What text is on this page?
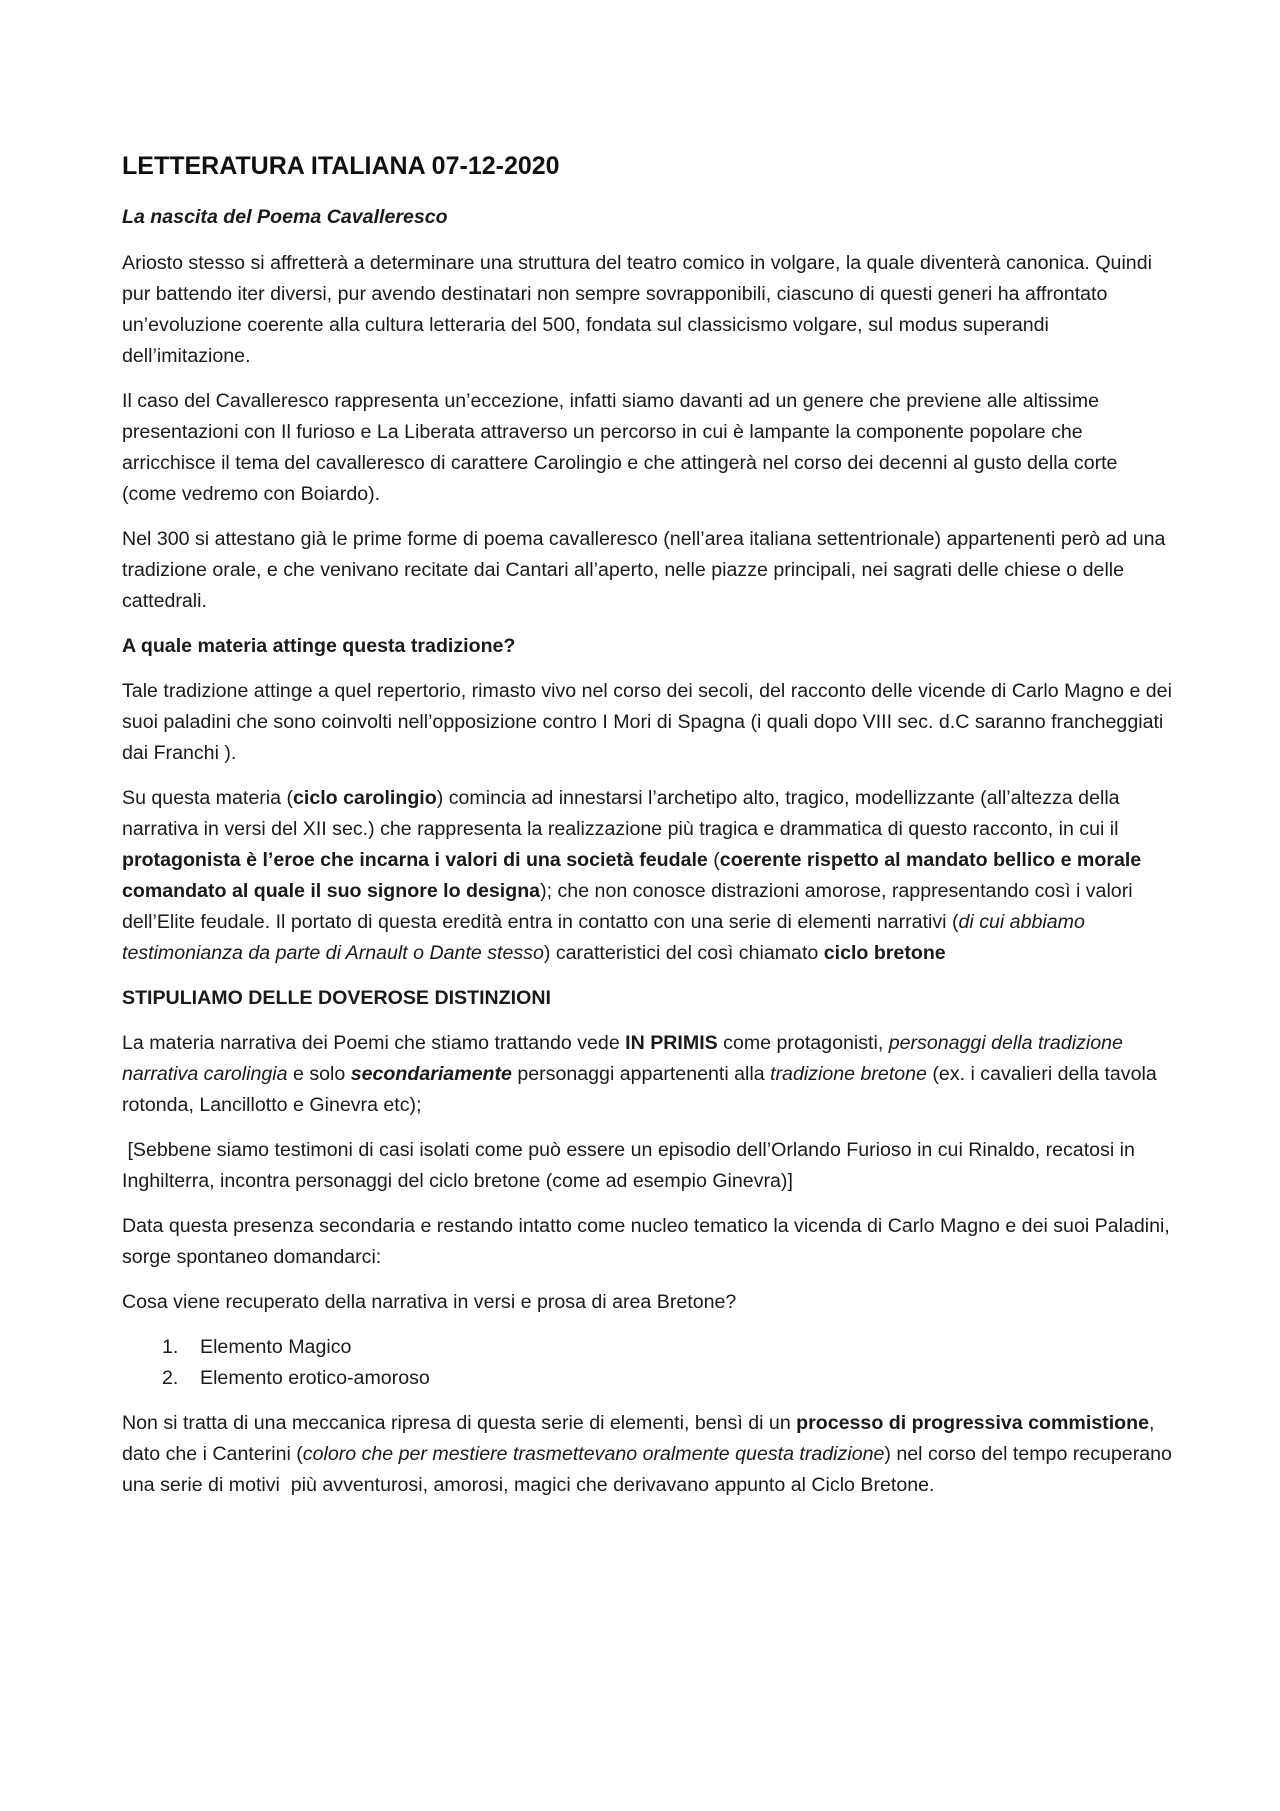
LETTERATURA ITALIANA 07-12-2020
La nascita del Poema Cavalleresco

Ariosto stesso si affretterà a determinare una struttura del teatro comico in volgare, la quale diventerà canonica. Quindi pur battendo iter diversi, pur avendo destinatari non sempre sovrapponibili, ciascuno di questi generi ha affrontato un’evoluzione coerente alla cultura letteraria del 500, fondata sul classicismo volgare, sul modus superandi dell’imitazione.

Il caso del Cavalleresco rappresenta un’eccezione, infatti siamo davanti ad un genere che previene alle altissime presentazioni con Il furioso e La Liberata attraverso un percorso in cui è lampante la componente popolare che arricchisce il tema del cavalleresco di carattere Carolingio e che attingerà nel corso dei decenni al gusto della corte (come vedremo con Boiardo).

Nel 300 si attestano già le prime forme di poema cavalleresco (nell’area italiana settentrionale) appartenenti però ad una tradizione orale, e che venivano recitate dai Cantari all’aperto, nelle piazze principali, nei sagrati delle chiese o delle cattedrali.

A quale materia attinge questa tradizione?

Tale tradizione attinge a quel repertorio, rimasto vivo nel corso dei secoli, del racconto delle vicende di Carlo Magno e dei suoi paladini che sono coinvolti nell’opposizione contro I Mori di Spagna (i quali dopo VIII sec. d.C saranno francheggiati dai Franchi ).

Su questa materia (ciclo carolingio) comincia ad innestarsi l’archetipo alto, tragico, modellizzante (all’altezza della narrativa in versi del XII sec.) che rappresenta la realizzazione più tragica e drammatica di questo racconto, in cui il protagonista è l’eroe che incarna i valori di una società feudale (coerente rispetto al mandato bellico e morale comandato al quale il suo signore lo designa); che non conosce distrazioni amorose, rappresentando così i valori dell’Elite feudale. Il portato di questa eredità entra in contatto con una serie di elementi narrativi (di cui abbiamo testimonianza da parte di Arnault o Dante stesso) caratteristici del così chiamato ciclo bretone

STIPULIAMO DELLE DOVEROSE DISTINZIONI

La materia narrativa dei Poemi che stiamo trattando vede IN PRIMIS come protagonisti, personaggi della tradizione narrativa carolingia e solo secondariamente personaggi appartenenti alla tradizione bretone (ex. i cavalieri della tavola rotonda, Lancillotto e Ginevra etc);

[Sebbene siamo testimoni di casi isolati come può essere un episodio dell’Orlando Furioso in cui Rinaldo, recatosi in Inghilterra, incontra personaggi del ciclo bretone (come ad esempio Ginevra)]

Data questa presenza secondaria e restando intatto come nucleo tematico la vicenda di Carlo Magno e dei suoi Paladini, sorge spontaneo domandarci:

Cosa viene recuperato della narrativa in versi e prosa di area Bretone?

1. Elemento Magico
2. Elemento erotico-amoroso

Non si tratta di una meccanica ripresa di questa serie di elementi, bensì di un processo di progressiva commistione, dato che i Canterini (coloro che per mestiere trasmettevano oralmente questa tradizione) nel corso del tempo recuperano una serie di motivi  più avventurosi, amorosi, magici che derivavano appunto al Ciclo Bretone.
